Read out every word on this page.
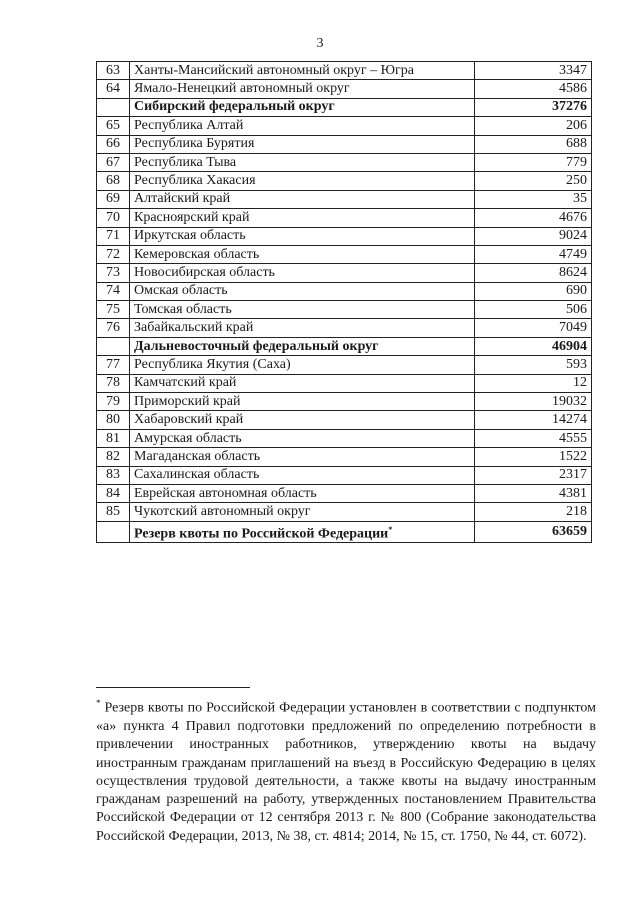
3
63	Ханты-Мансийский автономный округ – Югра	3347
64	Ямало-Ненецкий автономный округ	4586
	Сибирский федеральный округ	37276
65	Республика Алтай	206
66	Республика Бурятия	688
67	Республика Тыва	779
68	Республика Хакасия	250
69	Алтайский край	35
70	Красноярский край	4676
71	Иркутская область	9024
72	Кемеровская область	4749
73	Новосибирская область	8624
74	Омская область	690
75	Томская область	506
76	Забайкальский край	7049
	Дальневосточный федеральный округ	46904
77	Республика Якутия (Саха)	593
78	Камчатский край	12
79	Приморский край	19032
80	Хабаровский край	14274
81	Амурская область	4555
82	Магаданская область	1522
83	Сахалинская область	2317
84	Еврейская автономная область	4381
85	Чукотский автономный округ	218
	Резерв квоты по Российской Федерации*	63659
* Резерв квоты по Российской Федерации установлен в соответствии с подпунктом «а» пункта 4 Правил подготовки предложений по определению потребности в привлечении иностранных работников, утверждению квоты на выдачу иностранным гражданам приглашений на въезд в Российскую Федерацию в целях осуществления трудовой деятельности, а также квоты на выдачу иностранным гражданам разрешений на работу, утвержденных постановлением Правительства Российской Федерации от 12 сентября 2013 г. № 800 (Собрание законодательства Российской Федерации, 2013, № 38, ст. 4814; 2014, № 15, ст. 1750, № 44, ст. 6072).
